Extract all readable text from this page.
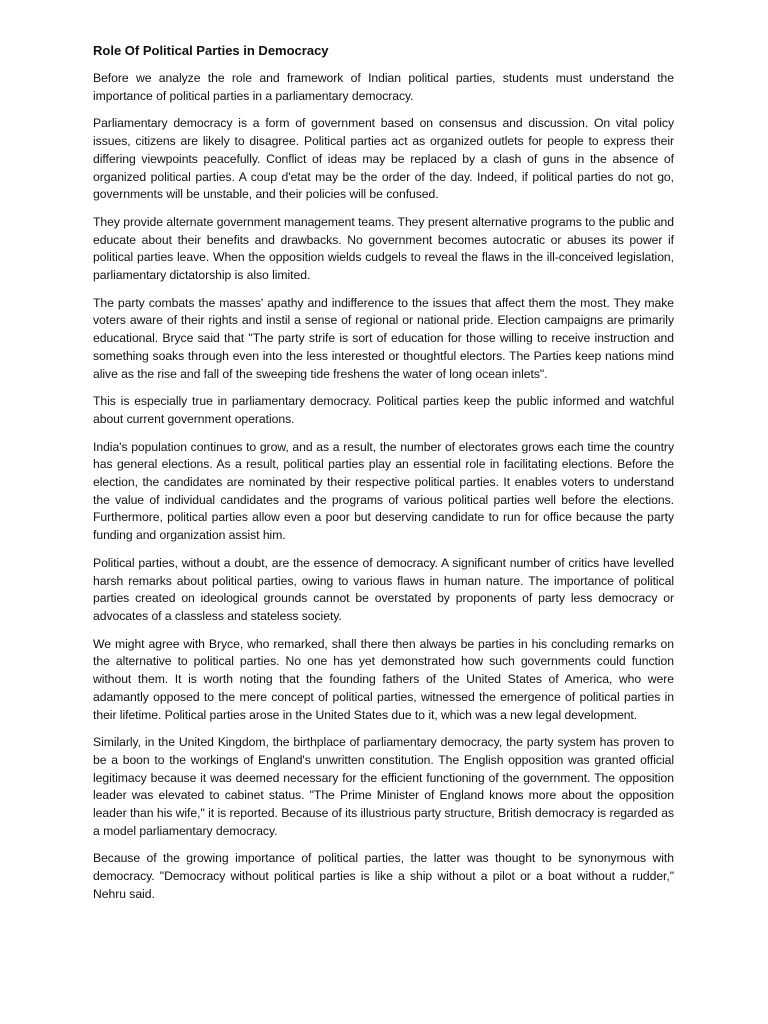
Role Of Political Parties in Democracy

Before we analyze the role and framework of Indian political parties, students must understand the importance of political parties in a parliamentary democracy.

Parliamentary democracy is a form of government based on consensus and discussion. On vital policy issues, citizens are likely to disagree. Political parties act as organized outlets for people to express their differing viewpoints peacefully. Conflict of ideas may be replaced by a clash of guns in the absence of organized political parties. A coup d'etat may be the order of the day. Indeed, if political parties do not go, governments will be unstable, and their policies will be confused.

They provide alternate government management teams. They present alternative programs to the public and educate about their benefits and drawbacks. No government becomes autocratic or abuses its power if political parties leave. When the opposition wields cudgels to reveal the flaws in the ill-conceived legislation, parliamentary dictatorship is also limited.

The party combats the masses' apathy and indifference to the issues that affect them the most. They make voters aware of their rights and instil a sense of regional or national pride. Election campaigns are primarily educational. Bryce said that "The party strife is sort of education for those willing to receive instruction and something soaks through even into the less interested or thoughtful electors. The Parties keep nations mind alive as the rise and fall of the sweeping tide freshens the water of long ocean inlets".

This is especially true in parliamentary democracy. Political parties keep the public informed and watchful about current government operations.

India's population continues to grow, and as a result, the number of electorates grows each time the country has general elections. As a result, political parties play an essential role in facilitating elections. Before the election, the candidates are nominated by their respective political parties. It enables voters to understand the value of individual candidates and the programs of various political parties well before the elections. Furthermore, political parties allow even a poor but deserving candidate to run for office because the party funding and organization assist him.

Political parties, without a doubt, are the essence of democracy. A significant number of critics have levelled harsh remarks about political parties, owing to various flaws in human nature. The importance of political parties created on ideological grounds cannot be overstated by proponents of party less democracy or advocates of a classless and stateless society.

We might agree with Bryce, who remarked, shall there then always be parties in his concluding remarks on the alternative to political parties. No one has yet demonstrated how such governments could function without them. It is worth noting that the founding fathers of the United States of America, who were adamantly opposed to the mere concept of political parties, witnessed the emergence of political parties in their lifetime. Political parties arose in the United States due to it, which was a new legal development.

Similarly, in the United Kingdom, the birthplace of parliamentary democracy, the party system has proven to be a boon to the workings of England's unwritten constitution. The English opposition was granted official legitimacy because it was deemed necessary for the efficient functioning of the government. The opposition leader was elevated to cabinet status. "The Prime Minister of England knows more about the opposition leader than his wife," it is reported. Because of its illustrious party structure, British democracy is regarded as a model parliamentary democracy.

Because of the growing importance of political parties, the latter was thought to be synonymous with democracy. "Democracy without political parties is like a ship without a pilot or a boat without a rudder," Nehru said.
